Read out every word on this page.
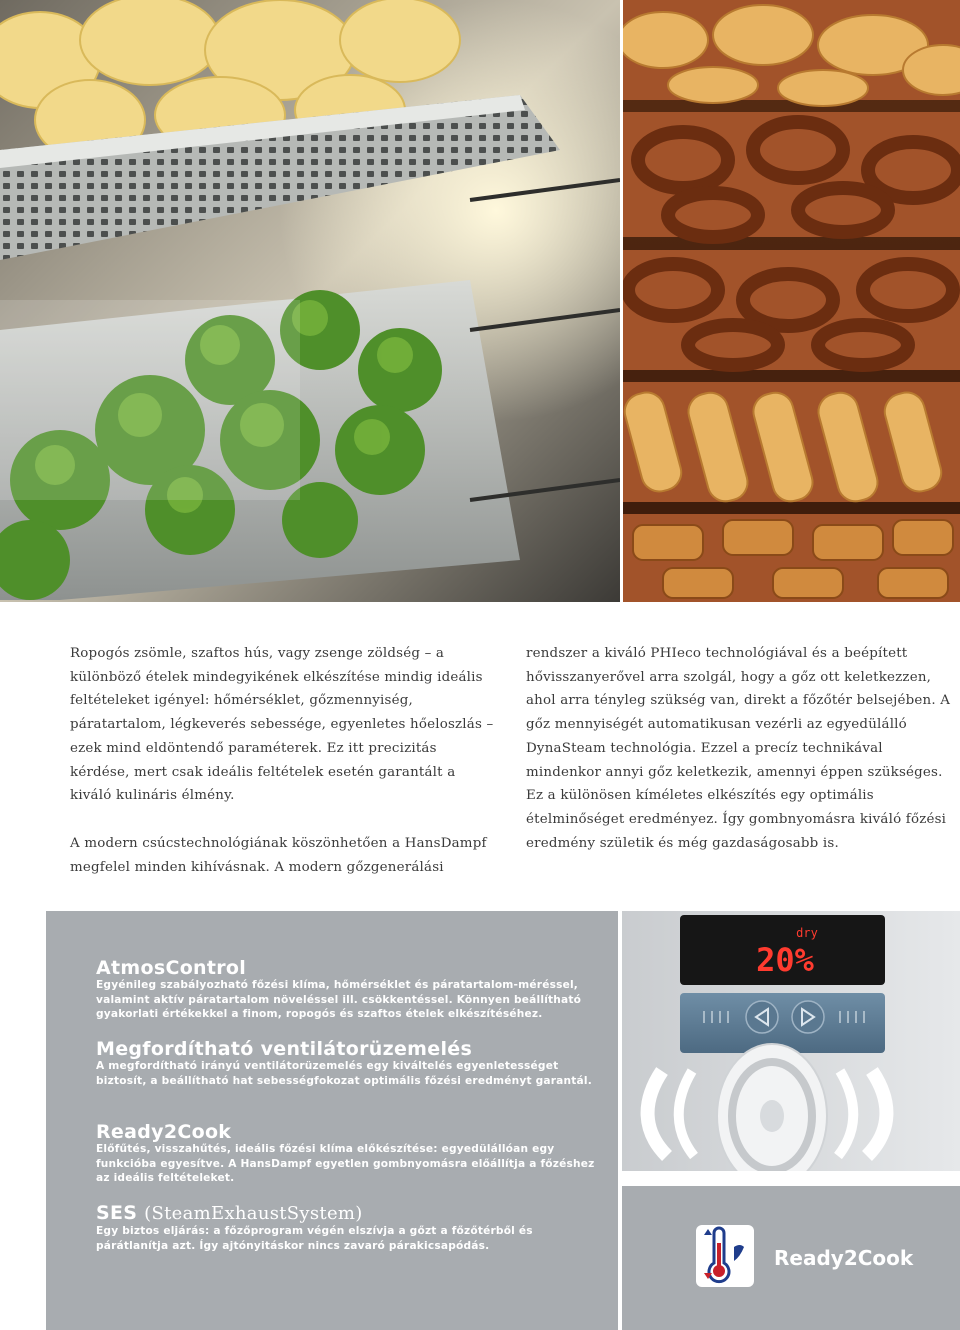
Ropogós zsömle, szaftos hús, vagy zsenge zöldség – a különböző ételek mindegyikének elkészítése mindig ideális feltételeket igényel: hőmérséklet, gőzmennyiség, páratartalom, légkeverés sebessége, egyenletes hőeloszlás – ezek mind eldöntendő paraméterek. Ez itt precizitás kérdése, mert csak ideális feltételek esetén garantált a kiváló kulináris élmény.

A modern csúcstechnológiának köszönhetően a HansDampf megfelel minden kihívásnak. A modern gőzgenerálási

rendszer a kiváló PHIeco technológiával és a beépített hővisszanyerővel arra szolgál, hogy a gőz ott keletkezzen, ahol arra tényleg szükség van, direkt a főzőtér belsejében. A gőz mennyiségét automatikusan vezérli az egyedülálló DynaSteam technológia. Ezzel a precíz technikával mindenkor annyi gőz keletkezik, amennyi éppen szükséges. Ez a különösen kíméletes elkészítés egy optimális ételminőséget eredményez. Így gombnyomásra kiváló főzési eredmény születik és még gazdaságosabb is.

AtmosControl

Egyénileg szabályozható főzési klíma, hőmérséklet és páratartalom-méréssel, valamint aktív páratartalom növeléssel ill. csökkentéssel. Könnyen beállítható gyakorlati értékekkel a finom, ropogós és szaftos ételek elkészítéséhez.

Megfordítható ventilátorüzemelés

A megfordítható irányú ventilátorüzemelés egy kiváltelés egyenletességet biztosít, a beállítható hat sebességfokozat optimális főzési eredményt garantál.

Ready2Cook

Előfűtés, visszahűtés, ideális főzési klíma előkészítése: egyedülállóan egy funkcióba egyesítve. A HansDampf egyetlen gombnyomásra előállítja a főzéshez az ideális feltételeket.

SES (SteamExhaustSystem)

Egy biztos eljárás: a főzőprogram végén elszívja a gőzt a főzőtérből és párátlanítja azt. Így ajtónyitáskor nincs zavaró párakicsapódás.

dry
20%
Ready2Cook
